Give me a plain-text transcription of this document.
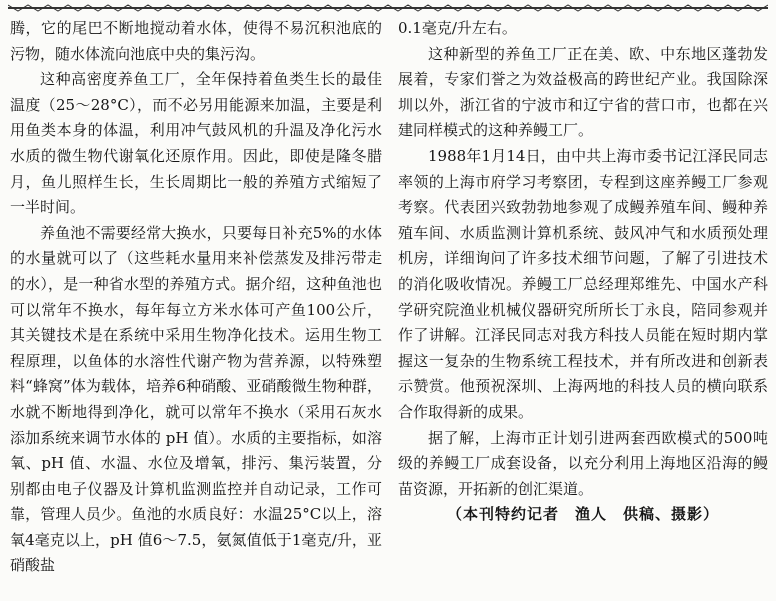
腾，它的尾巴不断地搅动着水体，使得不易沉积池底的污物，随水体流向池底中央的集污沟。

这种高密度养鱼工厂，全年保持着鱼类生长的最佳温度（25～28°C），而不必另用能源来加温，主要是利用鱼类本身的体温，利用冲气鼓风机的升温及净化污水水质的微生物代谢氧化还原作用。因此，即使是隆冬腊月，鱼儿照样生长，生长周期比一般的养殖方式缩短了一半时间。

养鱼池不需要经常大换水，只要每日补充5%的水体的水量就可以了（这些耗水量用来补偿蒸发及排污带走的水），是一种省水型的养殖方式。据介绍，这种鱼池也可以常年不换水，每年每立方米水体可产鱼100公斤，其关键技术是在系统中采用生物净化技术。运用生物工程原理，以鱼体的水溶性代谢产物为营养源，以特殊塑料“蜂窝”体为载体，培养6种硝酸、亚硝酸微生物种群，水就不断地得到净化，就可以常年不换水（采用石灰水添加系统来调节水体的 pH 值）。水质的主要指标，如溶氧、pH 值、水温、水位及增氧，排污、集污装置，分别都由电子仪器及计算机监测监控并自动记录，工作可靠，管理人员少。鱼池的水质良好：水温25°C以上，溶氧4毫克以上，pH 值6～7.5，氨氮值低于1毫克/升，亚硝酸盐

0.1毫克/升左右。

这种新型的养鱼工厂正在美、欧、中东地区蓬勃发展着，专家们誉之为效益极高的跨世纪产业。我国除深圳以外，浙江省的宁波市和辽宁省的营口市，也都在兴建同样模式的这种养鳗工厂。

1988年1月14日，由中共上海市委书记江泽民同志率领的上海市府学习考察团，专程到这座养鳗工厂参观考察。代表团兴致勃勃地参观了成鳗养殖车间、鳗种养殖车间、水质监测计算机系统、鼓风冲气和水质预处理机房，详细询问了许多技术细节问题，了解了引进技术的消化吸收情况。养鳗工厂总经理郑维先、中国水产科学研究院渔业机械仪器研究所所长丁永良，陪同参观并作了讲解。江泽民同志对我方科技人员能在短时期内掌握这一复杂的生物系统工程技术，并有所改进和创新表示赞赏。他预祝深圳、上海两地的科技人员的横向联系合作取得新的成果。

据了解，上海市正计划引进两套西欧模式的500吨级的养鳗工厂成套设备，以充分利用上海地区沿海的鳗苗资源，开拓新的创汇渠道。

（本刊特约记者　渔人　供稿、摄影）
